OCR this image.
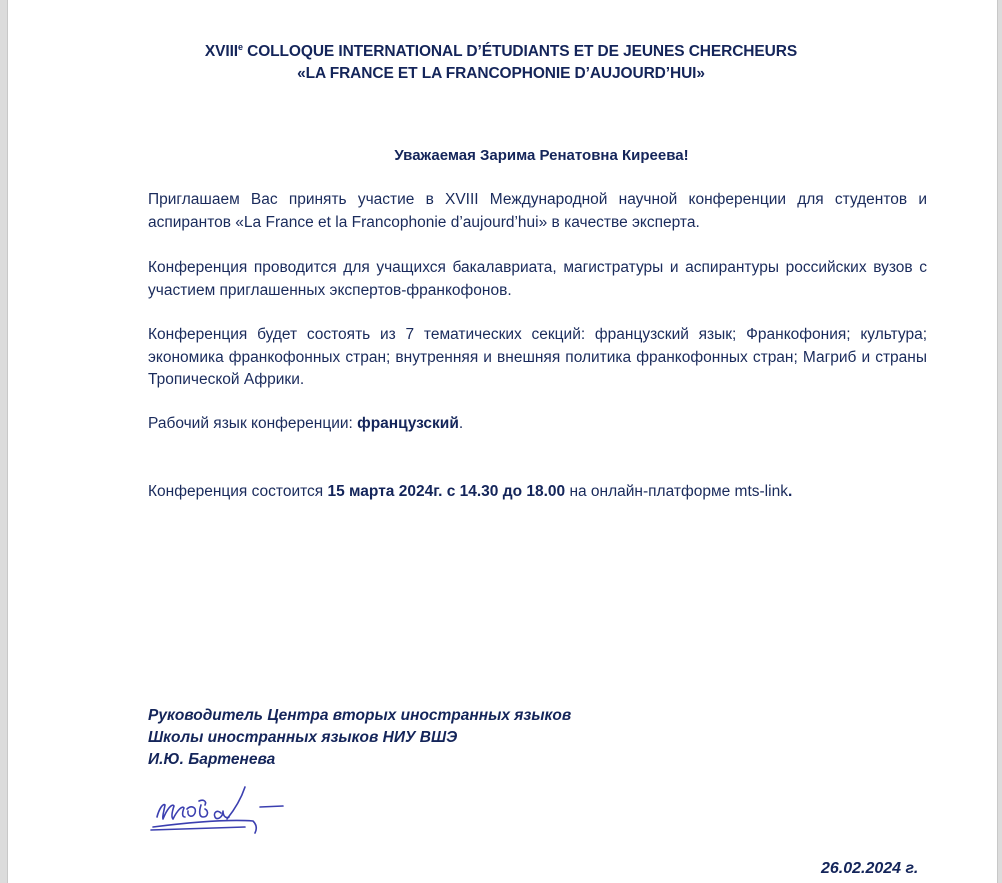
XVIIIe COLLOQUE INTERNATIONAL D’ÉTUDIANTS ET DE JEUNES CHERCHEURS
«LA FRANCE ET LA FRANCOPHONIE D’AUJOURD’HUI»
Уважаемая Зарима Ренатовна Киреева!
Приглашаем Вас принять участие в XVIII Международной научной конференции для студентов и аспирантов «La France et la Francophonie d’aujourd’hui» в качестве эксперта.
Конференция проводится для учащихся бакалавриата, магистратуры и аспирантуры российских вузов с участием приглашенных экспертов-франкофонов.
Конференция будет состоять из 7 тематических секций: французский язык; Франкофония; культура; экономика франкофонных стран; внутренняя и внешняя политика франкофонных стран; Магриб и страны Тропической Африки.
Рабочий язык конференции: французский.
Конференция состоится 15 марта 2024г. с 14.30 до 18.00 на онлайн-платформе mts-link.
Руководитель Центра вторых иностранных языков
Школы иностранных языков НИУ ВШЭ
И.Ю. Бартенева
26.02.2024 г.
